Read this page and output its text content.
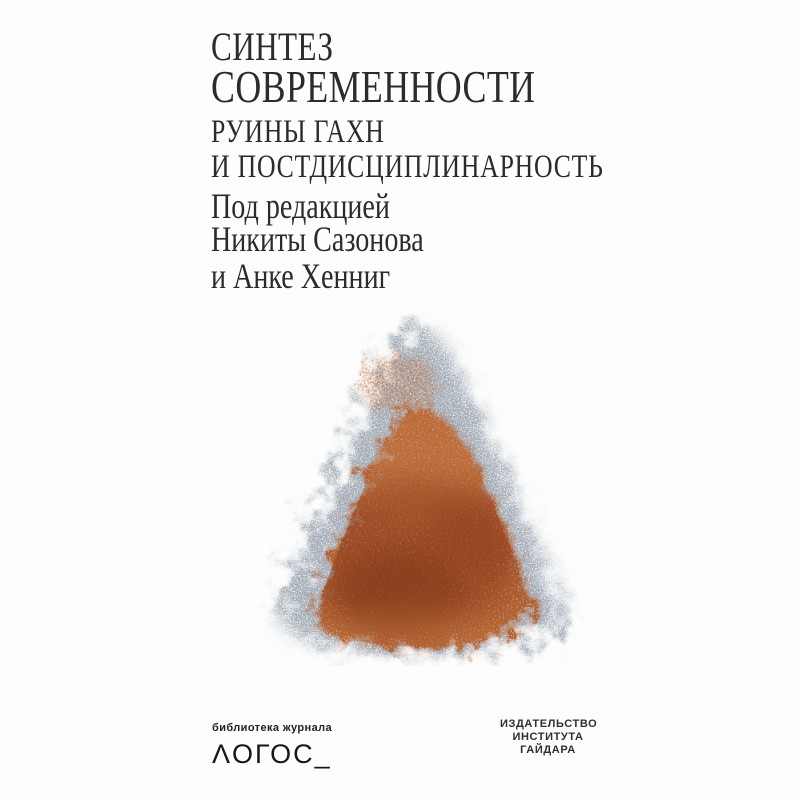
СИНТЕЗ
СОВРЕМЕННОСТИ
РУИНЫ ГАХН
И ПОСТДИСЦИПЛИНАРНОСТЬ
Под редакцией
Никиты Сазонова
и Анке Хенниг
библиотека журнала
ΛОГОС_
ИЗДАТЕЛЬСТВО
ИНСТИТУТА
ГАЙДАРА
